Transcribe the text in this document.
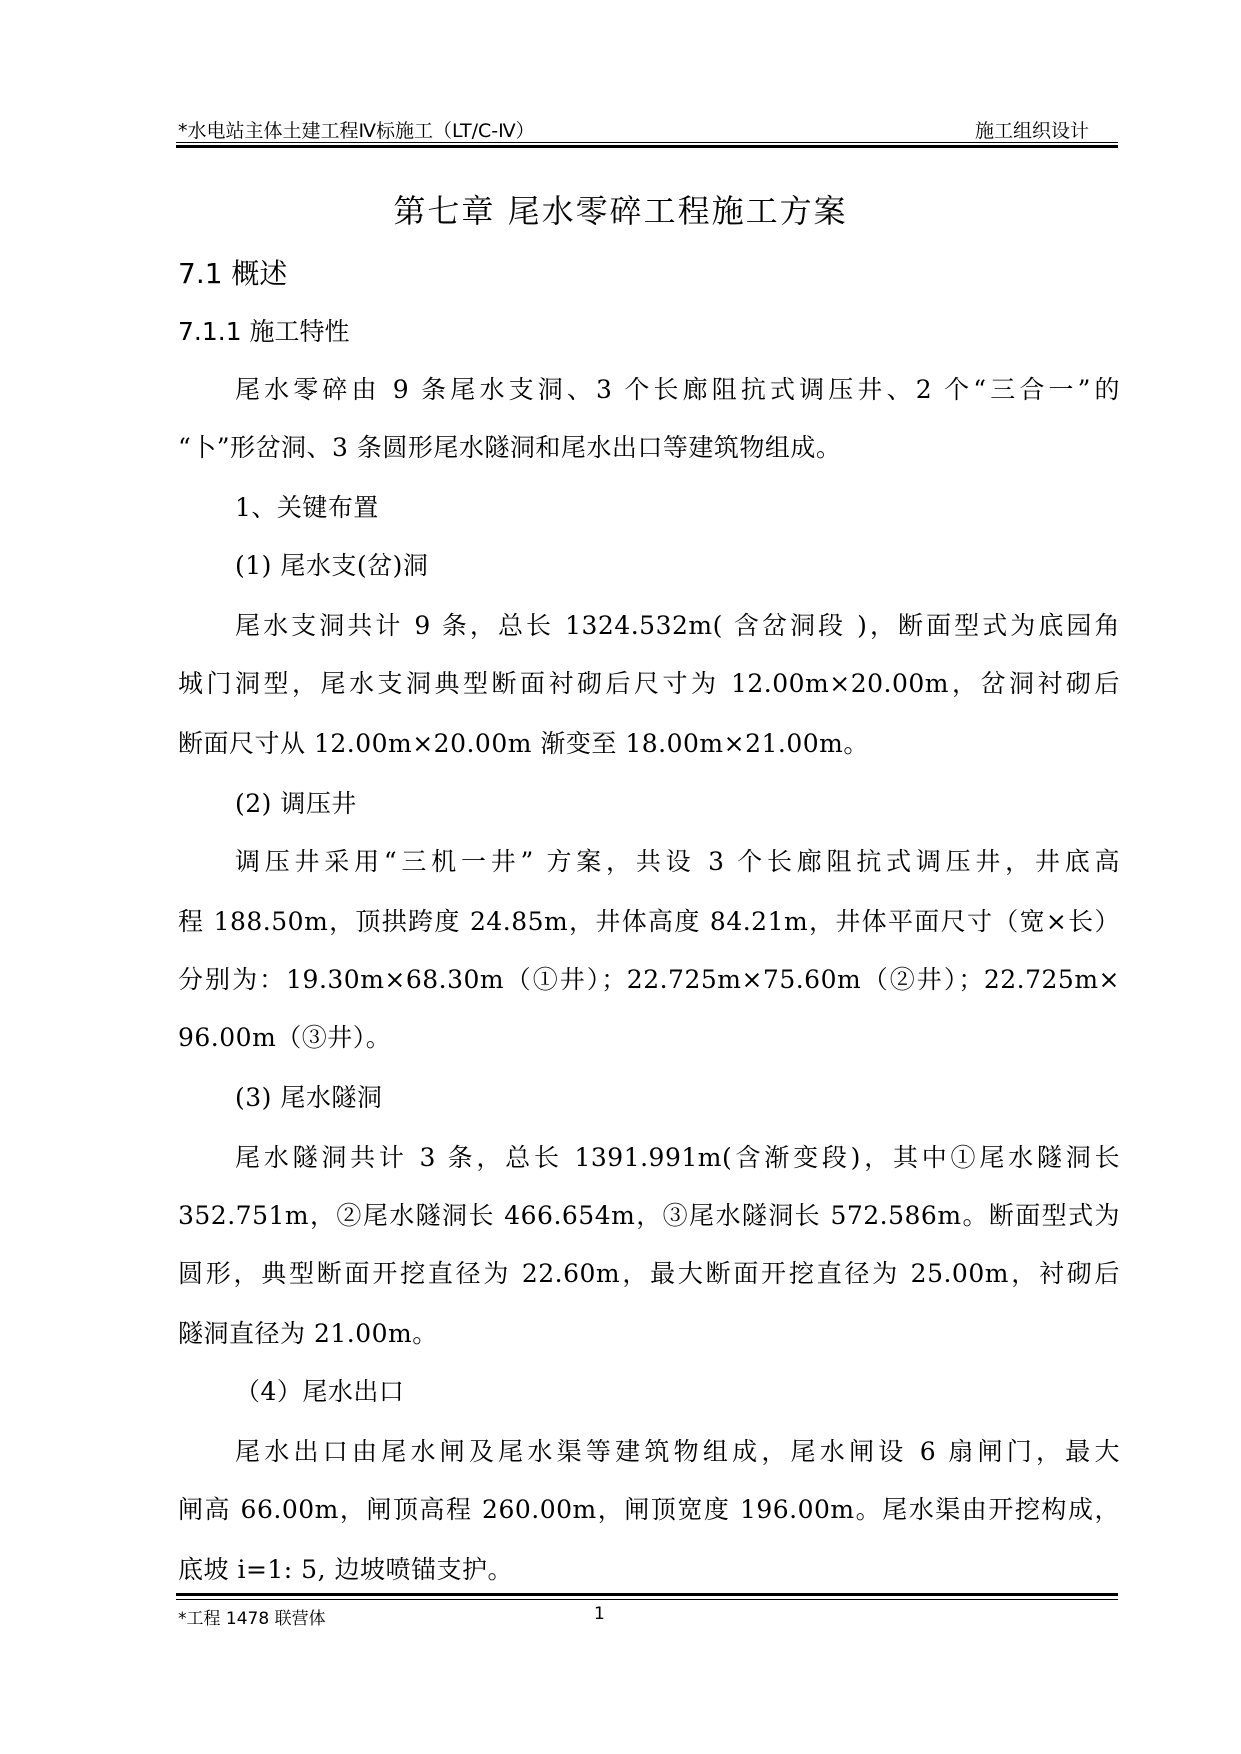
*水电站主体土建工程Ⅳ标施工（LT/C-Ⅳ）	施工组织设计
第七章 尾水零碎工程施工方案
7.1 概述
7.1.1 施工特性
尾水零碎由 9 条尾水支洞、3 个长廊阻抗式调压井、2 个“三合一”的
“卜”形岔洞、3 条圆形尾水隧洞和尾水出口等建筑物组成。
1、关键布置
(1) 尾水支(岔)洞
尾水支洞共计 9 条，总长 1324.532m( 含岔洞段 )，断面型式为底园角
城门洞型，尾水支洞典型断面衬砌后尺寸为 12.00m×20.00m，岔洞衬砌后
断面尺寸从 12.00m×20.00m 渐变至 18.00m×21.00m。
(2) 调压井
调压井采用“三机一井” 方案，共设 3 个长廊阻抗式调压井，井底高
程 188.50m，顶拱跨度 24.85m，井体高度 84.21m，井体平面尺寸（宽×长）
分别为：19.30m×68.30m（①井）；22.725m×75.60m（②井）；22.725m×
96.00m（③井）。
(3) 尾水隧洞
尾水隧洞共计 3 条，总长 1391.991m(含渐变段)，其中①尾水隧洞长
352.751m，②尾水隧洞长 466.654m，③尾水隧洞长 572.586m。断面型式为
圆形，典型断面开挖直径为 22.60m，最大断面开挖直径为 25.00m，衬砌后
隧洞直径为 21.00m。
（4）尾水出口
尾水出口由尾水闸及尾水渠等建筑物组成，尾水闸设 6 扇闸门，最大
闸高 66.00m，闸顶高程 260.00m，闸顶宽度 196.00m。尾水渠由开挖构成，
底坡 i=1: 5, 边坡喷锚支护。
*工程 1478 联营体	1
